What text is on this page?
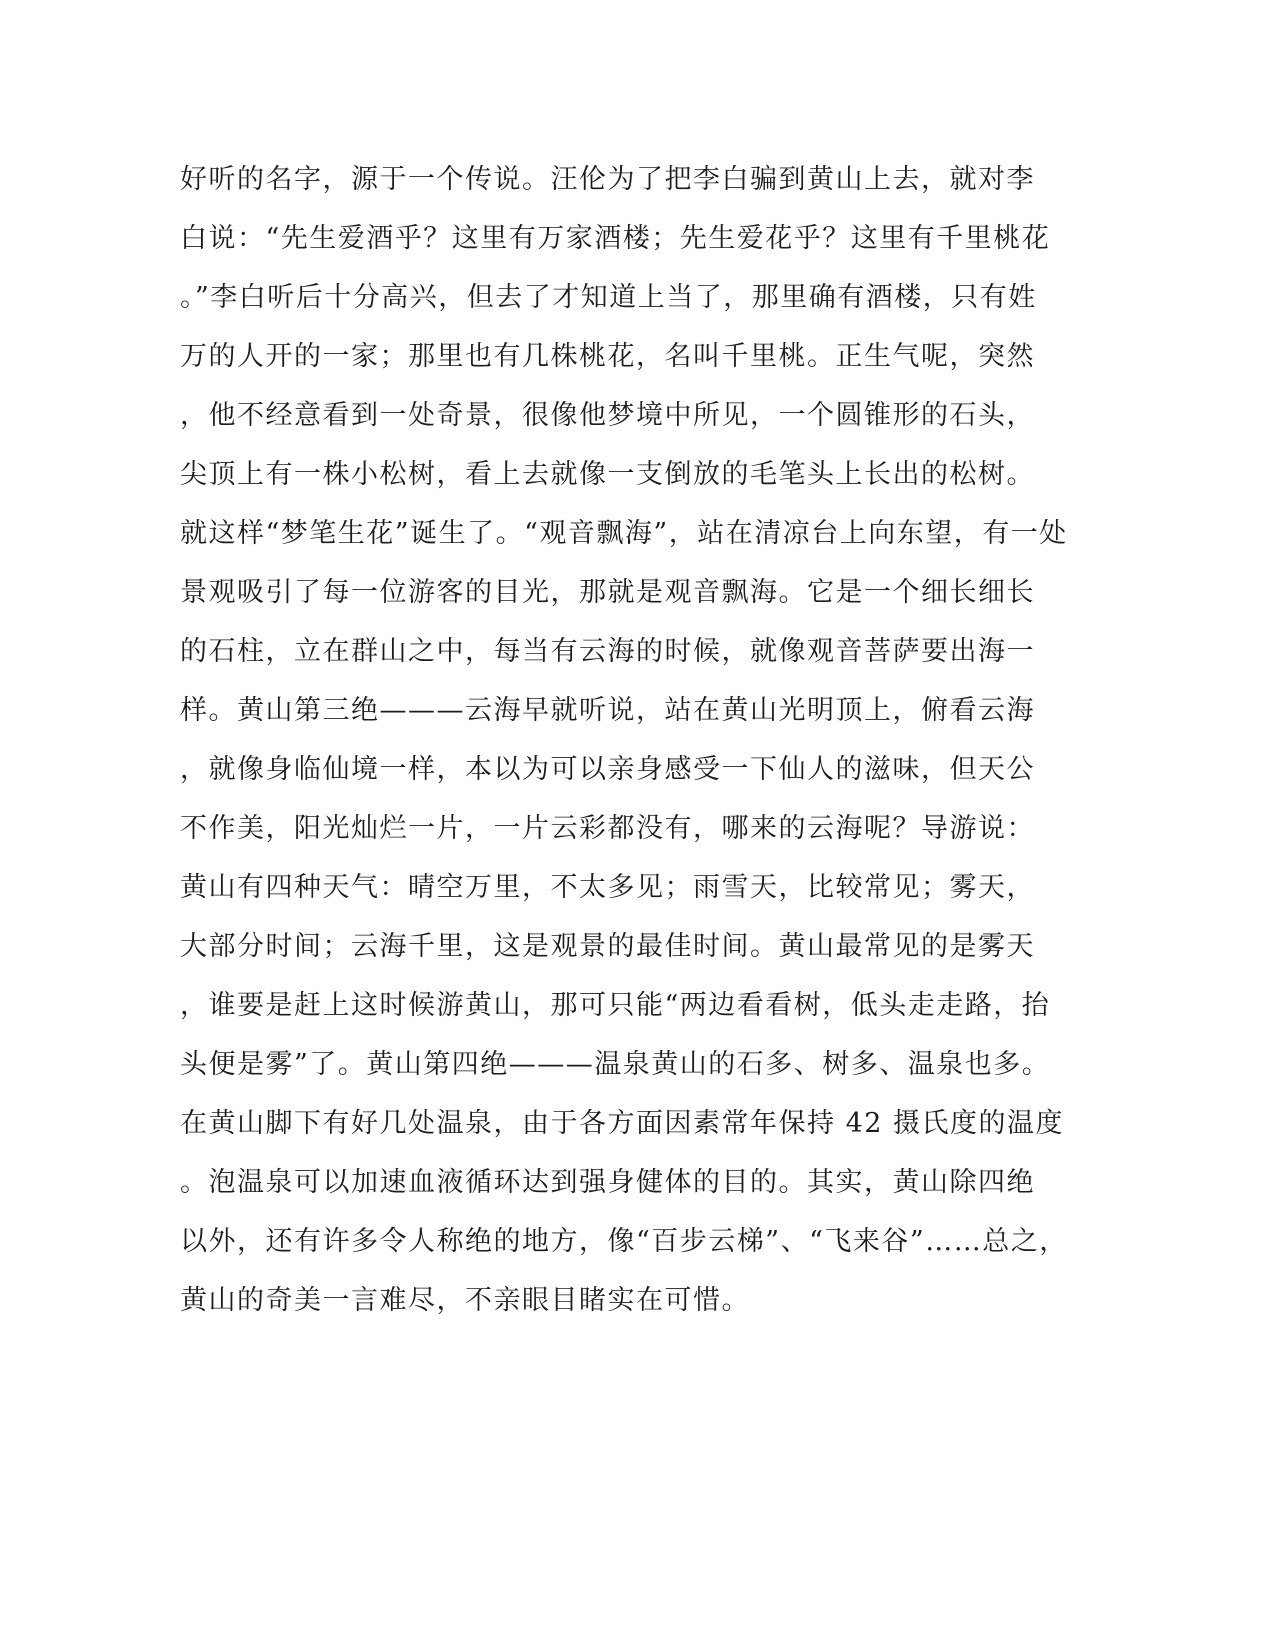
好听的名字，源于一个传说。汪伦为了把李白骗到黄山上去，就对李
白说：“先生爱酒乎？这里有万家酒楼；先生爱花乎？这里有千里桃花
。”李白听后十分高兴，但去了才知道上当了，那里确有酒楼，只有姓
万的人开的一家；那里也有几株桃花，名叫千里桃。正生气呢，突然
，他不经意看到一处奇景，很像他梦境中所见，一个圆锥形的石头，
尖顶上有一株小松树，看上去就像一支倒放的毛笔头上长出的松树。
就这样“梦笔生花”诞生了。“观音飘海”，站在清凉台上向东望，有一处
景观吸引了每一位游客的目光，那就是观音飘海。它是一个细长细长
的石柱，立在群山之中，每当有云海的时候，就像观音菩萨要出海一
样。黄山第三绝———云海早就听说，站在黄山光明顶上，俯看云海
，就像身临仙境一样，本以为可以亲身感受一下仙人的滋味，但天公
不作美，阳光灿烂一片，一片云彩都没有，哪来的云海呢？导游说：
黄山有四种天气：晴空万里，不太多见；雨雪天，比较常见；雾天，
大部分时间；云海千里，这是观景的最佳时间。黄山最常见的是雾天
，谁要是赶上这时候游黄山，那可只能“两边看看树，低头走走路，抬
头便是雾”了。黄山第四绝———温泉黄山的石多、树多、温泉也多。
在黄山脚下有好几处温泉，由于各方面因素常年保持 42 摄氏度的温度
。泡温泉可以加速血液循环达到强身健体的目的。其实，黄山除四绝
以外，还有许多令人称绝的地方，像“百步云梯”、“飞来谷”……总之，
黄山的奇美一言难尽，不亲眼目睹实在可惜。
